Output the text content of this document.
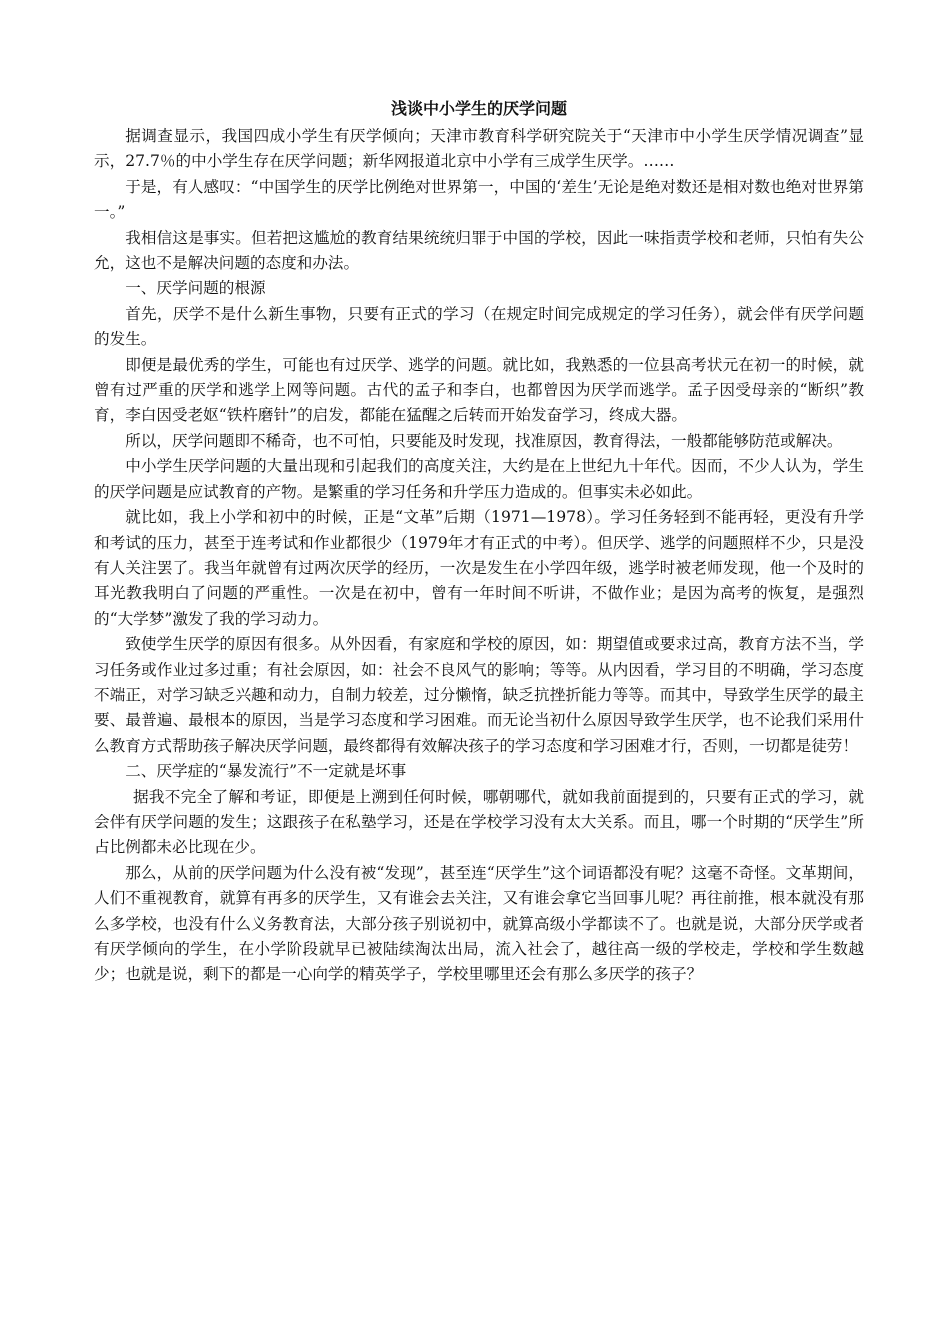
浅谈中小学生的厌学问题

据调查显示，我国四成小学生有厌学倾向；天津市教育科学研究院关于“天津市中小学生厌学情况调查”显示，27.7％的中小学生存在厌学问题；新华网报道北京中小学有三成学生厌学。……

于是，有人感叹：“中国学生的厌学比例绝对世界第一，中国的‘差生’无论是绝对数还是相对数也绝对世界第一。”

我相信这是事实。但若把这尴尬的教育结果统统归罪于中国的学校，因此一味指责学校和老师，只怕有失公允，这也不是解决问题的态度和办法。

一、厌学问题的根源

首先，厌学不是什么新生事物，只要有正式的学习（在规定时间完成规定的学习任务），就会伴有厌学问题的发生。

即便是最优秀的学生，可能也有过厌学、逃学的问题。就比如，我熟悉的一位县高考状元在初一的时候，就曾有过严重的厌学和逃学上网等问题。古代的孟子和李白，也都曾因为厌学而逃学。孟子因受母亲的“断织”教育，李白因受老妪“铁杵磨针”的启发，都能在猛醒之后转而开始发奋学习，终成大器。

所以，厌学问题即不稀奇，也不可怕，只要能及时发现，找准原因，教育得法，一般都能够防范或解决。

中小学生厌学问题的大量出现和引起我们的高度关注，大约是在上世纪九十年代。因而，不少人认为，学生的厌学问题是应试教育的产物。是繁重的学习任务和升学压力造成的。但事实未必如此。

就比如，我上小学和初中的时候，正是“文革”后期（1971—1978）。学习任务轻到不能再轻，更没有升学和考试的压力，甚至于连考试和作业都很少（1979年才有正式的中考）。但厌学、逃学的问题照样不少，只是没有人关注罢了。我当年就曾有过两次厌学的经历，一次是发生在小学四年级，逃学时被老师发现，他一个及时的耳光教我明白了问题的严重性。一次是在初中，曾有一年时间不听讲，不做作业；是因为高考的恢复，是强烈的“大学梦”激发了我的学习动力。

致使学生厌学的原因有很多。从外因看，有家庭和学校的原因，如：期望值或要求过高，教育方法不当，学习任务或作业过多过重；有社会原因，如：社会不良风气的影响；等等。从内因看，学习目的不明确，学习态度不端正，对学习缺乏兴趣和动力，自制力较差，过分懒惰，缺乏抗挫折能力等等。而其中，导致学生厌学的最主要、最普遍、最根本的原因，当是学习态度和学习困难。而无论当初什么原因导致学生厌学，也不论我们采用什么教育方式帮助孩子解决厌学问题，最终都得有效解决孩子的学习态度和学习困难才行，否则，一切都是徒劳！

二、厌学症的“暴发流行”不一定就是坏事

据我不完全了解和考证，即便是上溯到任何时候，哪朝哪代，就如我前面提到的，只要有正式的学习，就会伴有厌学问题的发生；这跟孩子在私塾学习，还是在学校学习没有太大关系。而且，哪一个时期的“厌学生”所占比例都未必比现在少。

那么，从前的厌学问题为什么没有被“发现”，甚至连“厌学生”这个词语都没有呢？这毫不奇怪。文革期间，人们不重视教育，就算有再多的厌学生，又有谁会去关注，又有谁会拿它当回事儿呢？再往前推，根本就没有那么多学校，也没有什么义务教育法，大部分孩子别说初中，就算高级小学都读不了。也就是说，大部分厌学或者有厌学倾向的学生，在小学阶段就早已被陆续淘汰出局，流入社会了，越往高一级的学校走，学校和学生数越少；也就是说，剩下的都是一心向学的精英学子，学校里哪里还会有那么多厌学的孩子？
